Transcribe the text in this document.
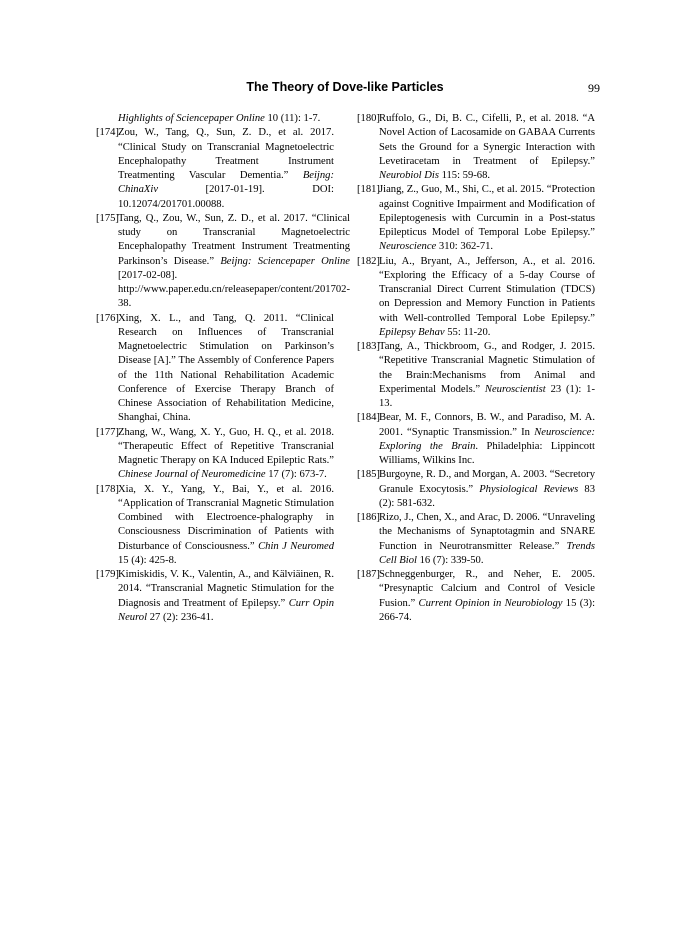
The Theory of Dove-like Particles	99
Highlights of Sciencepaper Online 10 (11): 1-7.
[174] Zou, W., Tang, Q., Sun, Z. D., et al. 2017. “Clinical Study on Transcranial Magnetoelectric Encephalopathy Treatment Instrument Treatmenting Vascular Dementia.” Beijng: ChinaXiv [2017-01-19]. DOI: 10.12074/201701.00088.
[175] Tang, Q., Zou, W., Sun, Z. D., et al. 2017. “Clinical study on Transcranial Magnetoelectric Encephalopathy Treatment Instrument Treatmenting Parkinson’s Disease.” Beijng: Sciencepaper Online [2017-02-08]. http://www.paper.edu.cn/releasepaper/content/201702-38.
[176] Xing, X. L., and Tang, Q. 2011. “Clinical Research on Influences of Transcranial Magnetoelectric Stimulation on Parkinson’s Disease [A].” The Assembly of Conference Papers of the 11th National Rehabilitation Academic Conference of Exercise Therapy Branch of Chinese Association of Rehabilitation Medicine, Shanghai, China.
[177] Zhang, W., Wang, X. Y., Guo, H. Q., et al. 2018. “Therapeutic Effect of Repetitive Transcranial Magnetic Therapy on KA Induced Epileptic Rats.” Chinese Journal of Neuromedicine 17 (7): 673-7.
[178] Xia, X. Y., Yang, Y., Bai, Y., et al. 2016. “Application of Transcranial Magnetic Stimulation Combined with Electroence-phalography in Consciousness Discrimination of Patients with Disturbance of Consciousness.” Chin J Neuromed 15 (4): 425-8.
[179] Kimiskidis, V. K., Valentin, A., and Kälviäinen, R. 2014. “Transcranial Magnetic Stimulation for the Diagnosis and Treatment of Epilepsy.” Curr Opin Neurol 27 (2): 236-41.
[180] Ruffolo, G., Di, B. C., Cifelli, P., et al. 2018. “A Novel Action of Lacosamide on GABAA Currents Sets the Ground for a Synergic Interaction with Levetiracetam in Treatment of Epilepsy.” Neurobiol Dis 115: 59-68.
[181] Jiang, Z., Guo, M., Shi, C., et al. 2015. “Protection against Cognitive Impairment and Modification of Epileptogenesis with Curcumin in a Post-status Epilepticus Model of Temporal Lobe Epilepsy.” Neuroscience 310: 362-71.
[182] Liu, A., Bryant, A., Jefferson, A., et al. 2016. “Exploring the Efficacy of a 5-day Course of Transcranial Direct Current Stimulation (TDCS) on Depression and Memory Function in Patients with Well-controlled Temporal Lobe Epilepsy.” Epilepsy Behav 55: 11-20.
[183] Tang, A., Thickbroom, G., and Rodger, J. 2015. “Repetitive Transcranial Magnetic Stimulation of the Brain:Mechanisms from Animal and Experimental Models.” Neuroscientist 23 (1): 1-13.
[184] Bear, M. F., Connors, B. W., and Paradiso, M. A. 2001. “Synaptic Transmission.” In Neuroscience: Exploring the Brain. Philadelphia: Lippincott Williams, Wilkins Inc.
[185] Burgoyne, R. D., and Morgan, A. 2003. “Secretory Granule Exocytosis.” Physiological Reviews 83 (2): 581-632.
[186] Rizo, J., Chen, X., and Arac, D. 2006. “Unraveling the Mechanisms of Synaptotagmin and SNARE Function in Neurotransmitter Release.” Trends Cell Biol 16 (7): 339-50.
[187] Schneggenburger, R., and Neher, E. 2005. “Presynaptic Calcium and Control of Vesicle Fusion.” Current Opinion in Neurobiology 15 (3): 266-74.
